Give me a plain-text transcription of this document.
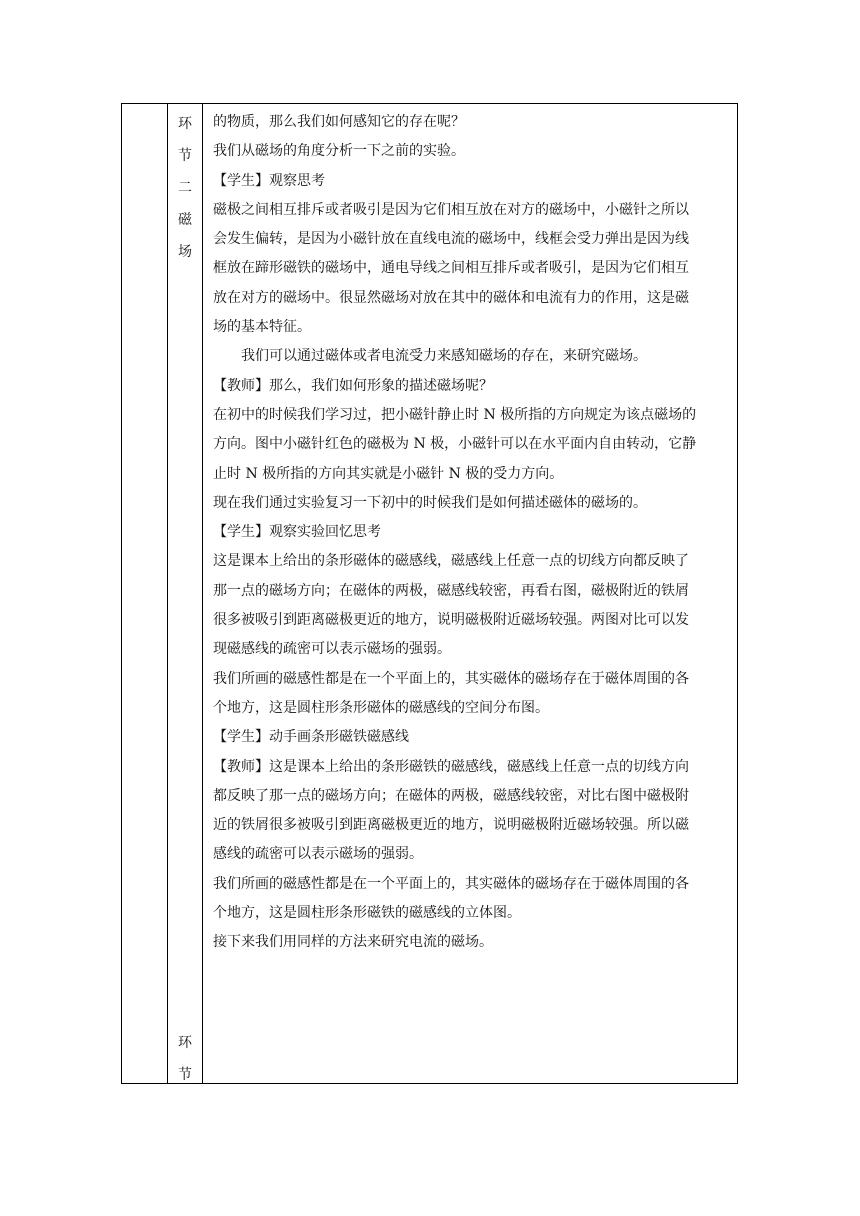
环
节
二
磁
场
环
节

的物质，那么我们如何感知它的存在呢？

我们从磁场的角度分析一下之前的实验。

【学生】观察思考

磁极之间相互排斥或者吸引是因为它们相互放在对方的磁场中，小磁针之所以

会发生偏转，是因为小磁针放在直线电流的磁场中，线框会受力弹出是因为线

框放在蹄形磁铁的磁场中，通电导线之间相互排斥或者吸引，是因为它们相互

放在对方的磁场中。很显然磁场对放在其中的磁体和电流有力的作用，这是磁

场的基本特征。

我们可以通过磁体或者电流受力来感知磁场的存在，来研究磁场。

【教师】那么，我们如何形象的描述磁场呢？

在初中的时候我们学习过，把小磁针静止时 N 极所指的方向规定为该点磁场的

方向。图中小磁针红色的磁极为 N 极，小磁针可以在水平面内自由转动，它静

止时 N 极所指的方向其实就是小磁针 N 极的受力方向。

现在我们通过实验复习一下初中的时候我们是如何描述磁体的磁场的。

【学生】观察实验回忆思考

这是课本上给出的条形磁体的磁感线，磁感线上任意一点的切线方向都反映了

那一点的磁场方向；在磁体的两极，磁感线较密，再看右图，磁极附近的铁屑

很多被吸引到距离磁极更近的地方，说明磁极附近磁场较强。两图对比可以发

现磁感线的疏密可以表示磁场的强弱。

我们所画的磁感性都是在一个平面上的，其实磁体的磁场存在于磁体周围的各

个地方，这是圆柱形条形磁体的磁感线的空间分布图。

【学生】动手画条形磁铁磁感线

【教师】这是课本上给出的条形磁铁的磁感线，磁感线上任意一点的切线方向

都反映了那一点的磁场方向；在磁体的两极，磁感线较密，对比右图中磁极附

近的铁屑很多被吸引到距离磁极更近的地方，说明磁极附近磁场较强。所以磁

感线的疏密可以表示磁场的强弱。

我们所画的磁感性都是在一个平面上的，其实磁体的磁场存在于磁体周围的各

个地方，这是圆柱形条形磁铁的磁感线的立体图。

接下来我们用同样的方法来研究电流的磁场。
